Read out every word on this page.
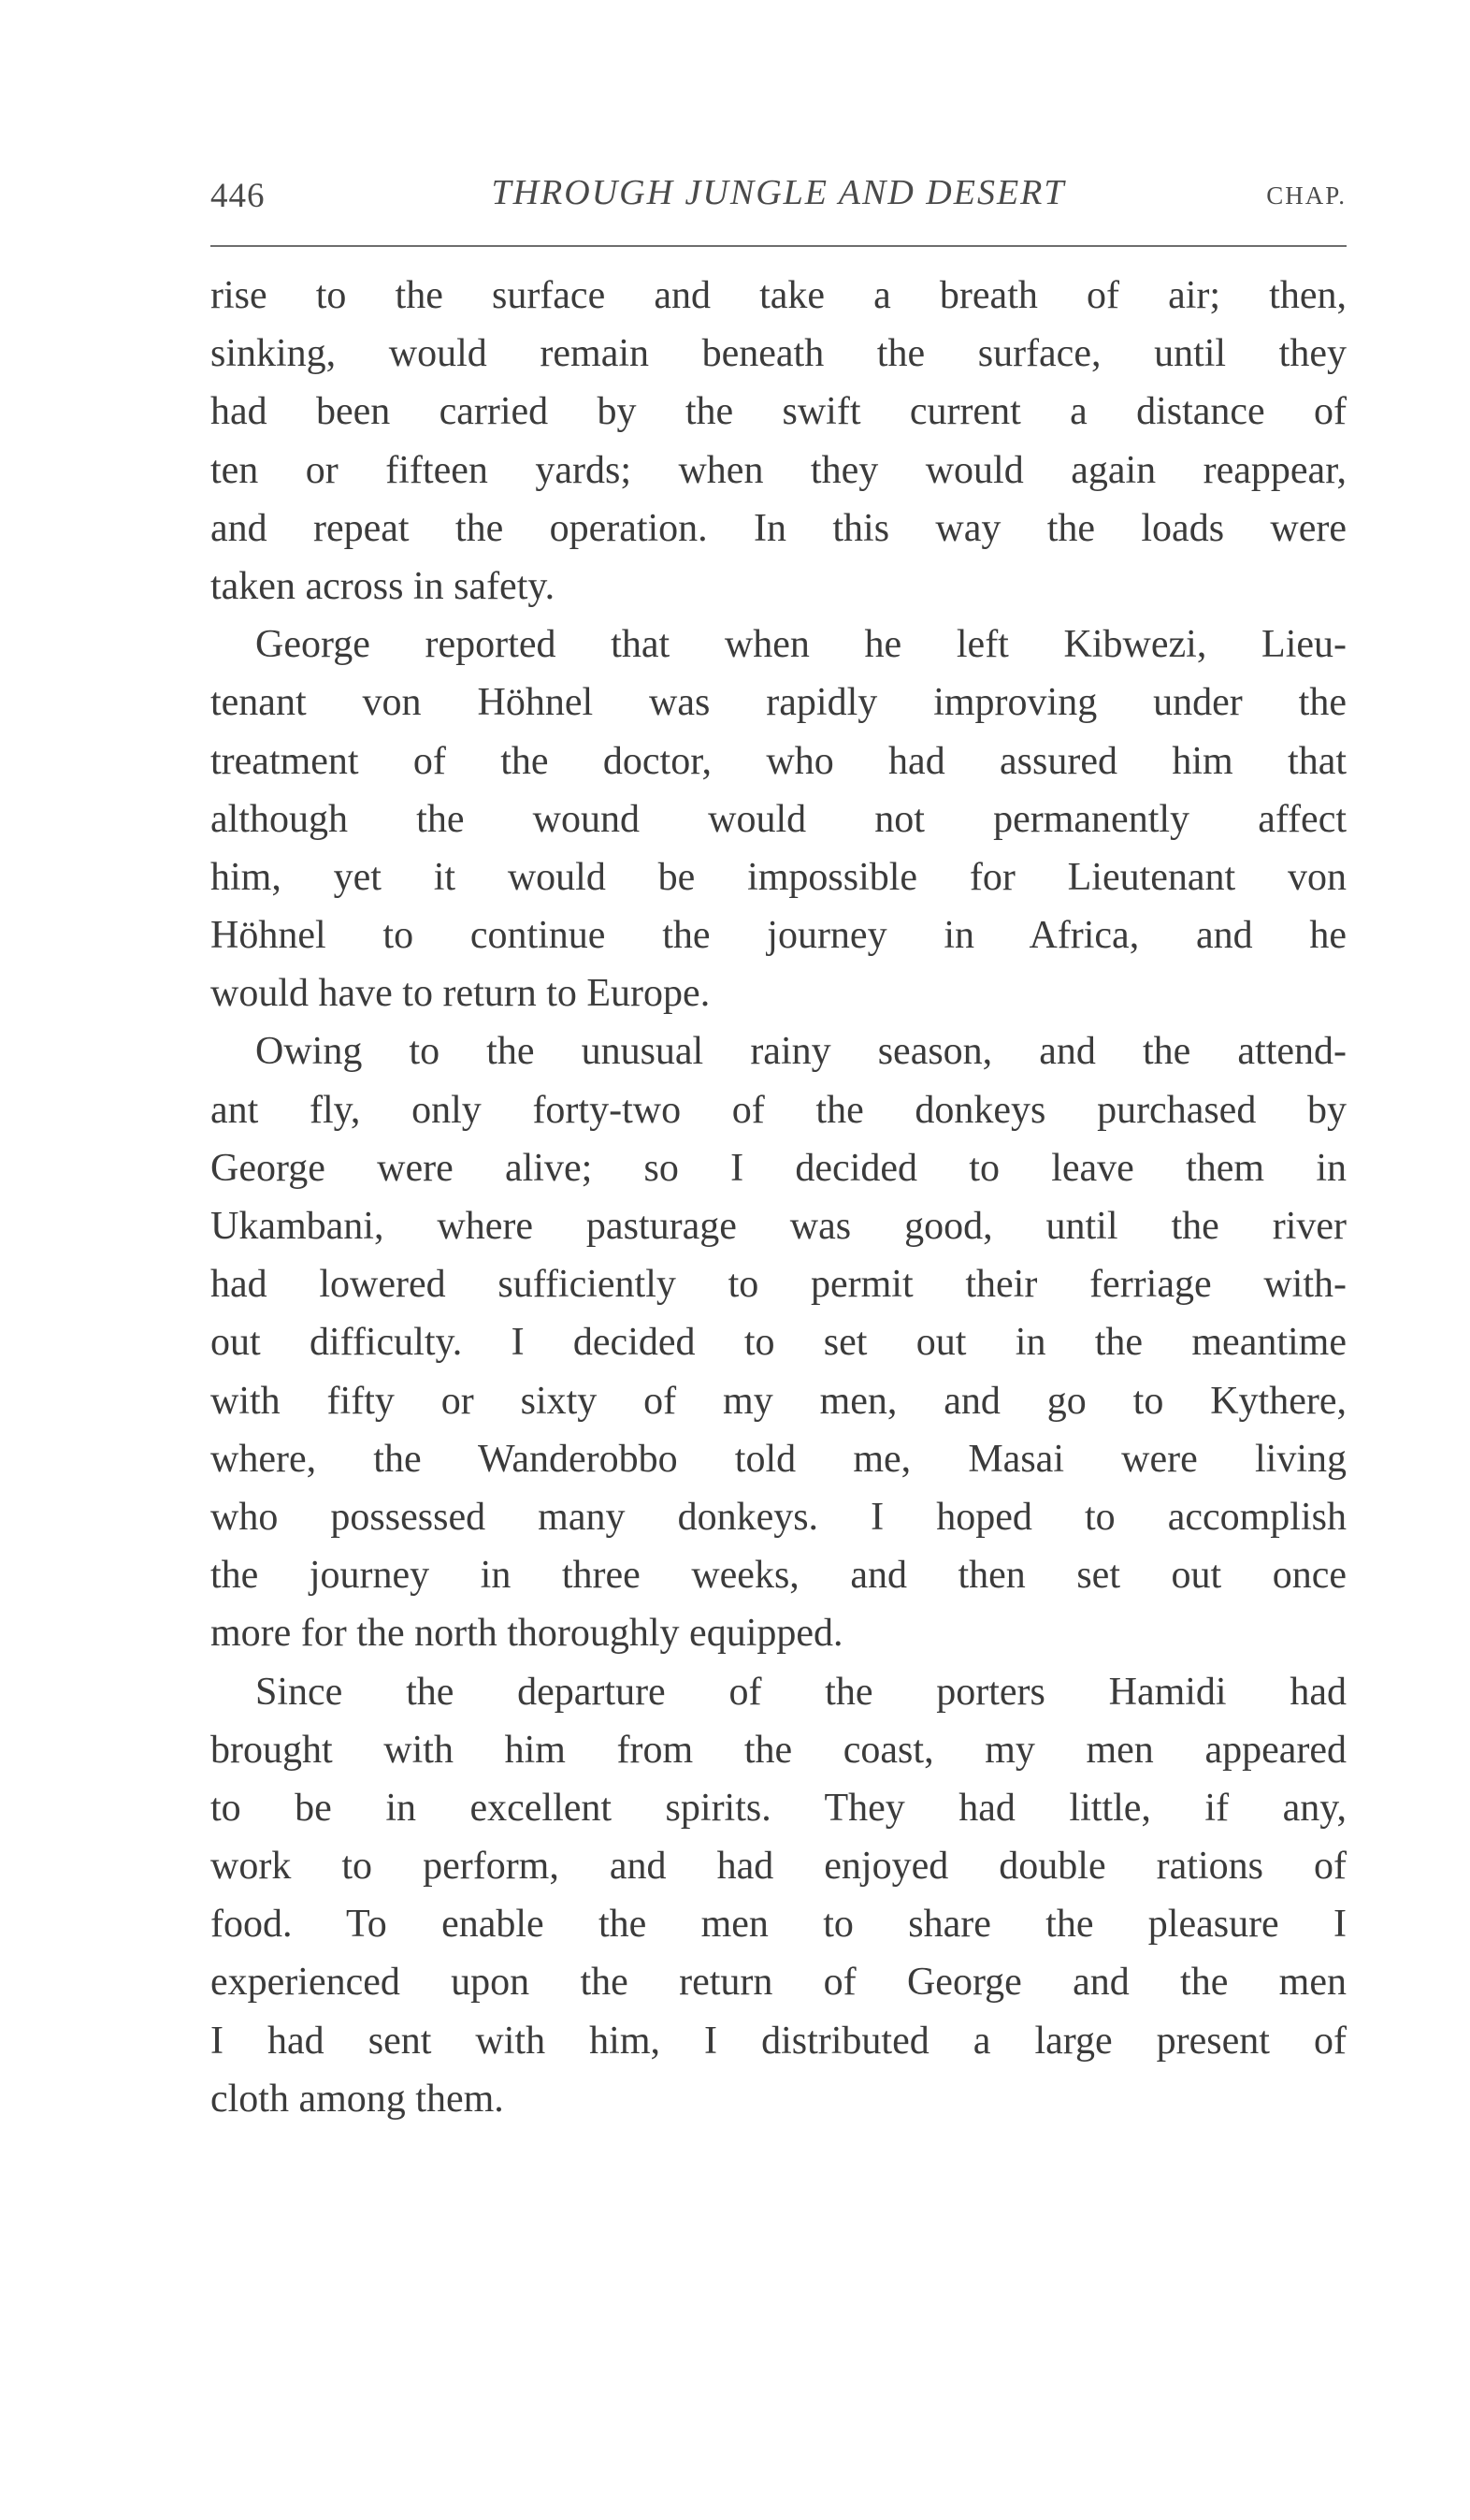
446	THROUGH JUNGLE AND DESERT	CHAP.
rise to the surface and take a breath of air; then,
sinking, would remain beneath the surface, until they
had been carried by the swift current a distance of
ten or fifteen yards; when they would again reappear,
and repeat the operation. In this way the loads were
taken across in safety.
George reported that when he left Kibwezi, Lieu-
tenant von Höhnel was rapidly improving under the
treatment of the doctor, who had assured him that
although the wound would not permanently affect
him, yet it would be impossible for Lieutenant von
Höhnel to continue the journey in Africa, and he
would have to return to Europe.
Owing to the unusual rainy season, and the attend-
ant fly, only forty-two of the donkeys purchased by
George were alive; so I decided to leave them in
Ukambani, where pasturage was good, until the river
had lowered sufficiently to permit their ferriage with-
out difficulty. I decided to set out in the meantime
with fifty or sixty of my men, and go to Kythere,
where, the Wanderobbo told me, Masai were living
who possessed many donkeys. I hoped to accomplish
the journey in three weeks, and then set out once
more for the north thoroughly equipped.
Since the departure of the porters Hamidi had
brought with him from the coast, my men appeared
to be in excellent spirits. They had little, if any,
work to perform, and had enjoyed double rations of
food. To enable the men to share the pleasure I
experienced upon the return of George and the men
I had sent with him, I distributed a large present of
cloth among them.
